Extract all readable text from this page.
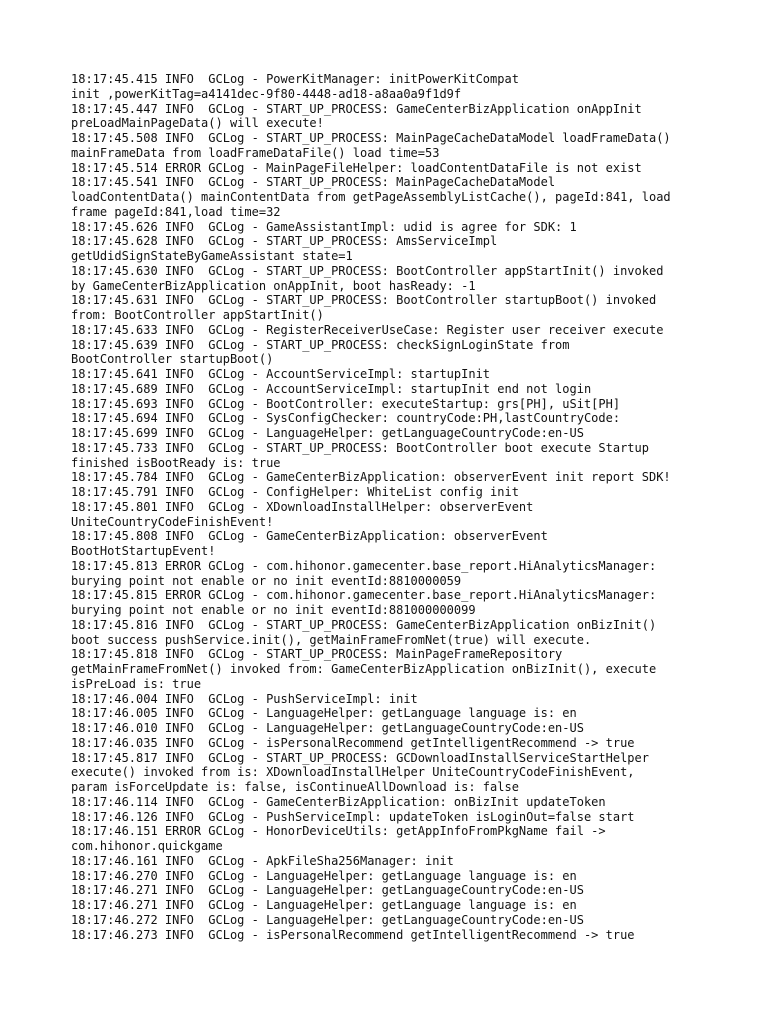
18:17:45.415 INFO  GCLog - PowerKitManager: initPowerKitCompat
init ,powerKitTag=a4141dec-9f80-4448-ad18-a8aa0a9f1d9f
18:17:45.447 INFO  GCLog - START_UP_PROCESS: GameCenterBizApplication onAppInit
preLoadMainPageData() will execute!
18:17:45.508 INFO  GCLog - START_UP_PROCESS: MainPageCacheDataModel loadFrameData()
mainFrameData from loadFrameDataFile() load time=53
18:17:45.514 ERROR GCLog - MainPageFileHelper: loadContentDataFile is not exist
18:17:45.541 INFO  GCLog - START_UP_PROCESS: MainPageCacheDataModel
loadContentData() mainContentData from getPageAssemblyListCache(), pageId:841, load
frame pageId:841,load time=32
18:17:45.626 INFO  GCLog - GameAssistantImpl: udid is agree for SDK: 1
18:17:45.628 INFO  GCLog - START_UP_PROCESS: AmsServiceImpl
getUdidSignStateByGameAssistant state=1
18:17:45.630 INFO  GCLog - START_UP_PROCESS: BootController appStartInit() invoked
by GameCenterBizApplication onAppInit, boot hasReady: -1
18:17:45.631 INFO  GCLog - START_UP_PROCESS: BootController startupBoot() invoked
from: BootController appStartInit()
18:17:45.633 INFO  GCLog - RegisterReceiverUseCase: Register user receiver execute
18:17:45.639 INFO  GCLog - START_UP_PROCESS: checkSignLoginState from
BootController startupBoot()
18:17:45.641 INFO  GCLog - AccountServiceImpl: startupInit
18:17:45.689 INFO  GCLog - AccountServiceImpl: startupInit end not login
18:17:45.693 INFO  GCLog - BootController: executeStartup: grs[PH], uSit[PH]
18:17:45.694 INFO  GCLog - SysConfigChecker: countryCode:PH,lastCountryCode:
18:17:45.699 INFO  GCLog - LanguageHelper: getLanguageCountryCode:en-US
18:17:45.733 INFO  GCLog - START_UP_PROCESS: BootController boot execute Startup
finished isBootReady is: true
18:17:45.784 INFO  GCLog - GameCenterBizApplication: observerEvent init report SDK!
18:17:45.791 INFO  GCLog - ConfigHelper: WhiteList config init
18:17:45.801 INFO  GCLog - XDownloadInstallHelper: observerEvent
UniteCountryCodeFinishEvent!
18:17:45.808 INFO  GCLog - GameCenterBizApplication: observerEvent
BootHotStartupEvent!
18:17:45.813 ERROR GCLog - com.hihonor.gamecenter.base_report.HiAnalyticsManager:
burying point not enable or no init eventId:8810000059
18:17:45.815 ERROR GCLog - com.hihonor.gamecenter.base_report.HiAnalyticsManager:
burying point not enable or no init eventId:881000000099
18:17:45.816 INFO  GCLog - START_UP_PROCESS: GameCenterBizApplication onBizInit()
boot success pushService.init(), getMainFrameFromNet(true) will execute.
18:17:45.818 INFO  GCLog - START_UP_PROCESS: MainPageFrameRepository
getMainFrameFromNet() invoked from: GameCenterBizApplication onBizInit(), execute
isPreLoad is: true
18:17:46.004 INFO  GCLog - PushServiceImpl: init
18:17:46.005 INFO  GCLog - LanguageHelper: getLanguage language is: en
18:17:46.010 INFO  GCLog - LanguageHelper: getLanguageCountryCode:en-US
18:17:46.035 INFO  GCLog - isPersonalRecommend getIntelligentRecommend -> true
18:17:45.817 INFO  GCLog - START_UP_PROCESS: GCDownloadInstallServiceStartHelper
execute() invoked from is: XDownloadInstallHelper UniteCountryCodeFinishEvent,
param isForceUpdate is: false, isContinueAllDownload is: false
18:17:46.114 INFO  GCLog - GameCenterBizApplication: onBizInit updateToken
18:17:46.126 INFO  GCLog - PushServiceImpl: updateToken isLoginOut=false start
18:17:46.151 ERROR GCLog - HonorDeviceUtils: getAppInfoFromPkgName fail ->
com.hihonor.quickgame
18:17:46.161 INFO  GCLog - ApkFileSha256Manager: init
18:17:46.270 INFO  GCLog - LanguageHelper: getLanguage language is: en
18:17:46.271 INFO  GCLog - LanguageHelper: getLanguageCountryCode:en-US
18:17:46.271 INFO  GCLog - LanguageHelper: getLanguage language is: en
18:17:46.272 INFO  GCLog - LanguageHelper: getLanguageCountryCode:en-US
18:17:46.273 INFO  GCLog - isPersonalRecommend getIntelligentRecommend -> true
